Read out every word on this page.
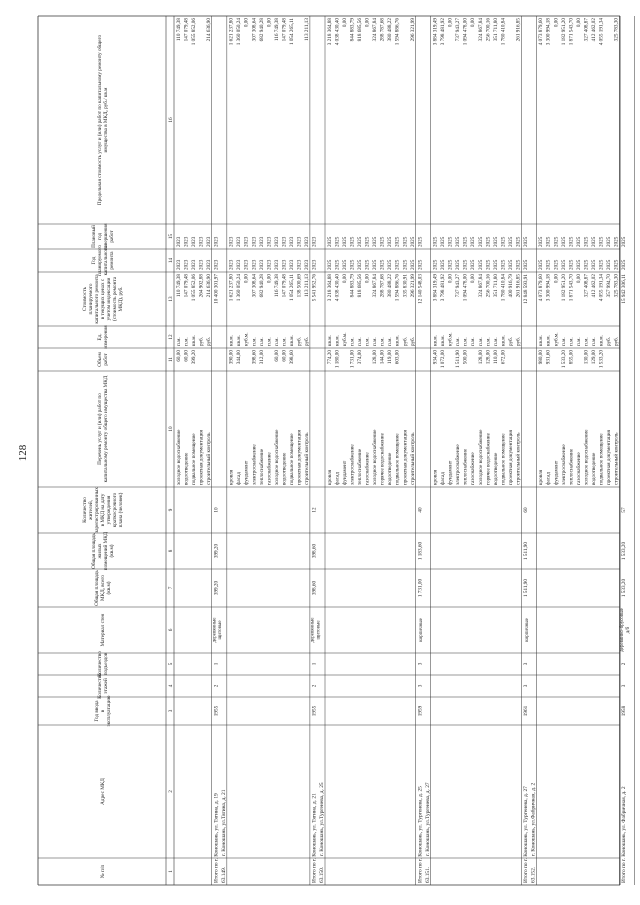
128
№ п/п
Адрес МКД
Год ввода в эксплуатацию
Количество этажей
Количество подъездов
Материал стен
Общая площадь МКД, всего (кв.м)
Общая площадь жилых помещений МКД (кв.м)
Количество жителей, зарегистрированных в МКД на дату утверждения краткосрочного плана (человек)
Перечень услуг и (или) работ по капитальному ремонту общего имущества МКД
Объем работ
Ед. измерения
Стоимость планируемого капитального ремонта в текущих ценах с учетом индексации (стоимость ремонта МКД), руб.
Год планируемого капитального ремонта
Плановый год завершения работ
Предельная стоимость услуг и (или) работ по капитальному ремонту общего имущества в МКД, руб./ кв.м
1
2
3
4
5
6
7
8
9
10
11
12
13
14
15
16
холодное водоснабжение
60,00
п.м.
110 749,38
2023
2023
110 749,38
водоотведение
60,00
п.м.
147 079,48
2023
2023
147 079,48
подвальное помещение
399,20
кв.м.
1 055 852,06
2023
2023
1 055 852,06
проектная документация
руб.
264 902,88
2023
2023
строительный контроль
руб.
214 636,90
2023
2023
214 636,90
Итого по г. Коношань, ул. Тягина, д. 19
1955
2
1
деревянные щитовые
399,20
399,20
10
10 400 301,97
2023
2023
63.149.
г. Коношань, ул.Тягина, д. 21
кровля
390,00
кв.м.
1 621 237,80
2023
2023
1 621 237,80
фасад
344,00
кв.м.
1 360 050,24
2023
2023
1 360 050,24
фундамент
куб.м.
0,00
2023
2023
0,00
электроснабжение
398,60
п.м.
307 308,64
2023
2023
307 308,64
теплоснабжение
312,00
п.м.
682 940,28
2023
2023
682 940,28
газоснабжение
п.м.
0,00
2023
2023
0,00
холодное водоснабжение
60,00
п.м.
116 749,38
2023
2023
116 749,38
водоотведение
60,00
п.м.
147 079,48
2023
2023
147 079,48
подвальное помещение
398,60
кв.м.
1 054 265,11
2023
2023
1 054 265,11
проектная документация
руб.
138 500,69
2023
2023
строительный контроль
руб.
113 211,13
2023
2023
113 211,13
Итого по г. Коношань, ул. Тягина, д. 21
1955
2
1
деревянные щитовые
398,60
398,60
12
5 541 952,76
2023
2023
63.150.
г. Коношань, ул.Тургенева, д. 25
кровля
774,20
кв.м.
3 218 364,88
2025
2025
3 218 364,88
фасад
1 180,00
кв.м.
4 038 430,40
2025
2025
4 038 430,40
фундамент
куб.м.
0,00
2025
2025
0,00
электроснабжение
1 731,00
п.м.
844 883,79
2025
2025
844 883,79
теплоснабжение
374,00
п.м.
818 685,56
2025
2025
818 685,56
газоснабжение
п.м.
0,00
2025
2025
0,00
холодное водоснабжение
128,00
п.м.
324 867,84
2025
2025
324 867,84
горячее водоснабжение
144,00
п.м.
288 787,68
2025
2025
288 787,68
водоотведение
119,00
п.м.
380 488,22
2025
2025
380 488,22
подвальное помещение
603,00
кв.м.
1 594 886,76
2025
2025
1 594 886,76
проектная документация
руб.
335 830,91
2025
2025
строительный контроль
руб.
296 321,99
2025
2025
296 321,99
Итого по г. Коношань, ул. Тургенева, д. 25
1959
3
3
кирпичные
1 731,00
1 183,60
40
12 140 548,03
2025
2025
63.151.
г. Коношань, ул.Тургенева, д. 27
кровля
934,40
кв.м.
3 884 319,49
2025
2025
3 884 319,49
фасад
1 072,00
кв.м.
3 798 481,92
2025
2025
3 798 481,92
фундамент
куб.м.
0,00
2025
2025
0,00
электроснабжение
1 511,90
п.м.
737 943,27
2025
2025
737 943,27
теплоснабжение
500,00
п.м.
1 094 478,00
2025
2025
1 094 478,00
газоснабжение
п.м.
0,00
2025
2025
0,00
холодное водоснабжение
128,00
п.м.
324 867,84
2025
2025
324 867,84
горячее водоснабжение
128,00
п.м.
256 700,16
2025
2025
256 700,16
водоотведение
110,00
п.м.
351 711,80
2025
2025
351 711,80
подвальное помещение
672,00
кв.м.
1 780 410,84
2025
2025
1 780 410,84
проектная документация
руб.
400 916,79
2025
2025
строительный контроль
руб.
261 916,85
2025
2025
261 916,85
Итого по г. Коношань, ул. Тургенева, д. 27
1961
3
3
кирпичные
1 511,90
1 511,90
60
12 848 593,91
2025
2025
63.152.
г. Коношань, ул.Фабричная, д. 2
кровля
980,00
кв.м.
4 073 879,60
2025
2025
4 073 879,60
фасад
931,60
кв.м.
3 300 994,18
2025
2025
3 300 994,18
фундамент
куб.м.
0,00
2025
2025
0,00
электроснабжение
1 533,20
п.м.
1 182 951,20
2025
2025
1 182 951,20
теплоснабжение
855,00
п.м.
1 871 543,70
2025
2025
1 871 543,70
газоснабжение
п.м.
0,00
2025
2025
0,00
холодное водоснабжение
130,00
п.м.
327 408,87
2025
2025
327 408,87
водоотведение
129,00
п.м.
412 462,02
2025
2025
412 462,02
подвальное помещение
1 533,20
кв.м.
4 055 191,34
2025
2025
4 055 191,34
проектная документация
руб.
357 994,70
2025
2025
строительный контроль
руб.
325 783,30
2025
2025
325 783,30
Итого по г. Коношань, ул. Фабричная, д. 2
1958
3
2
деревянно-брусовые д/б
1 533,20
1 533,20
57
15 942 306,11
2025
2025
